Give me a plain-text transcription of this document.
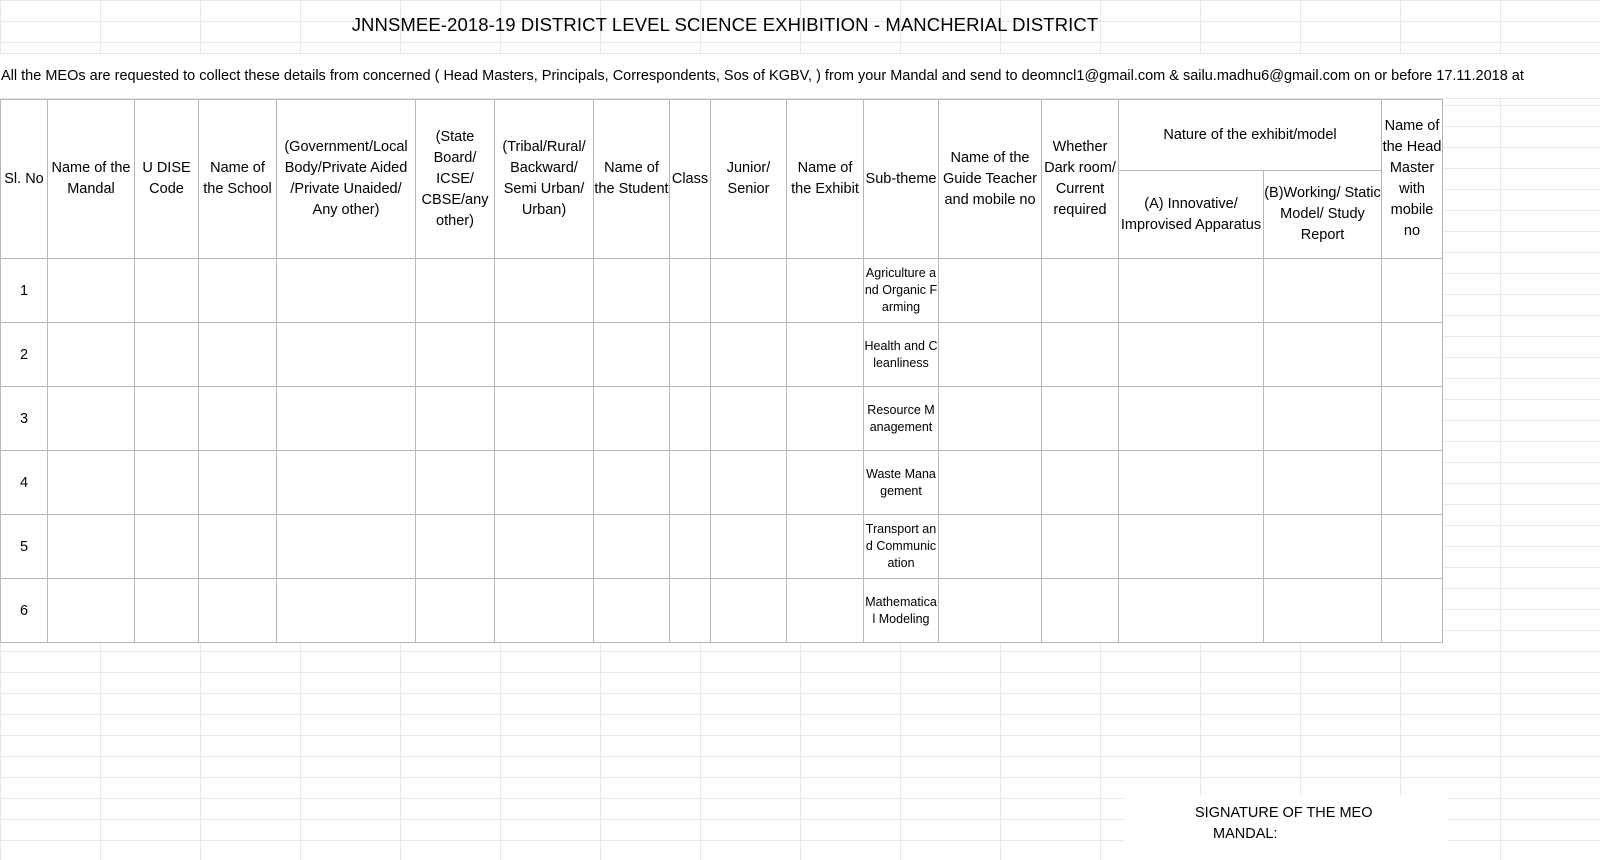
JNNSMEE-2018-19 DISTRICT LEVEL SCIENCE EXHIBITION - MANCHERIAL DISTRICT
All the MEOs are requested to collect these details from concerned ( Head Masters, Principals, Correspondents, Sos of KGBV, ) from your Mandal and send to deomncl1@gmail.com & sailu.madhu6@gmail.com on or before 17.11.2018 at
Sl. No	Name of the Mandal	U DISE Code	Name of the School	(Government/Local Body/Private Aided /Private Unaided/ Any other)	(State Board/ ICSE/ CBSE/any other)	(Tribal/Rural/ Backward/ Semi Urban/ Urban)	Name of the Student	Class	Junior/ Senior	Name of the Exhibit	Sub-theme	Name of the Guide Teacher and mobile no	Whether Dark room/ Current required	Nature of the exhibit/model		Name of the Head Master with mobile no
														(A) Innovative/ Improvised Apparatus	(B)Working/ Static Model/ Study Report	
1											Agriculture and Organic Farming					
2											Health and Cleanliness					
3											Resource Management					
4											Waste Management					
5											Transport and Communication					
6											Mathematical Modeling					
SIGNATURE OF THE MEO
MANDAL:
